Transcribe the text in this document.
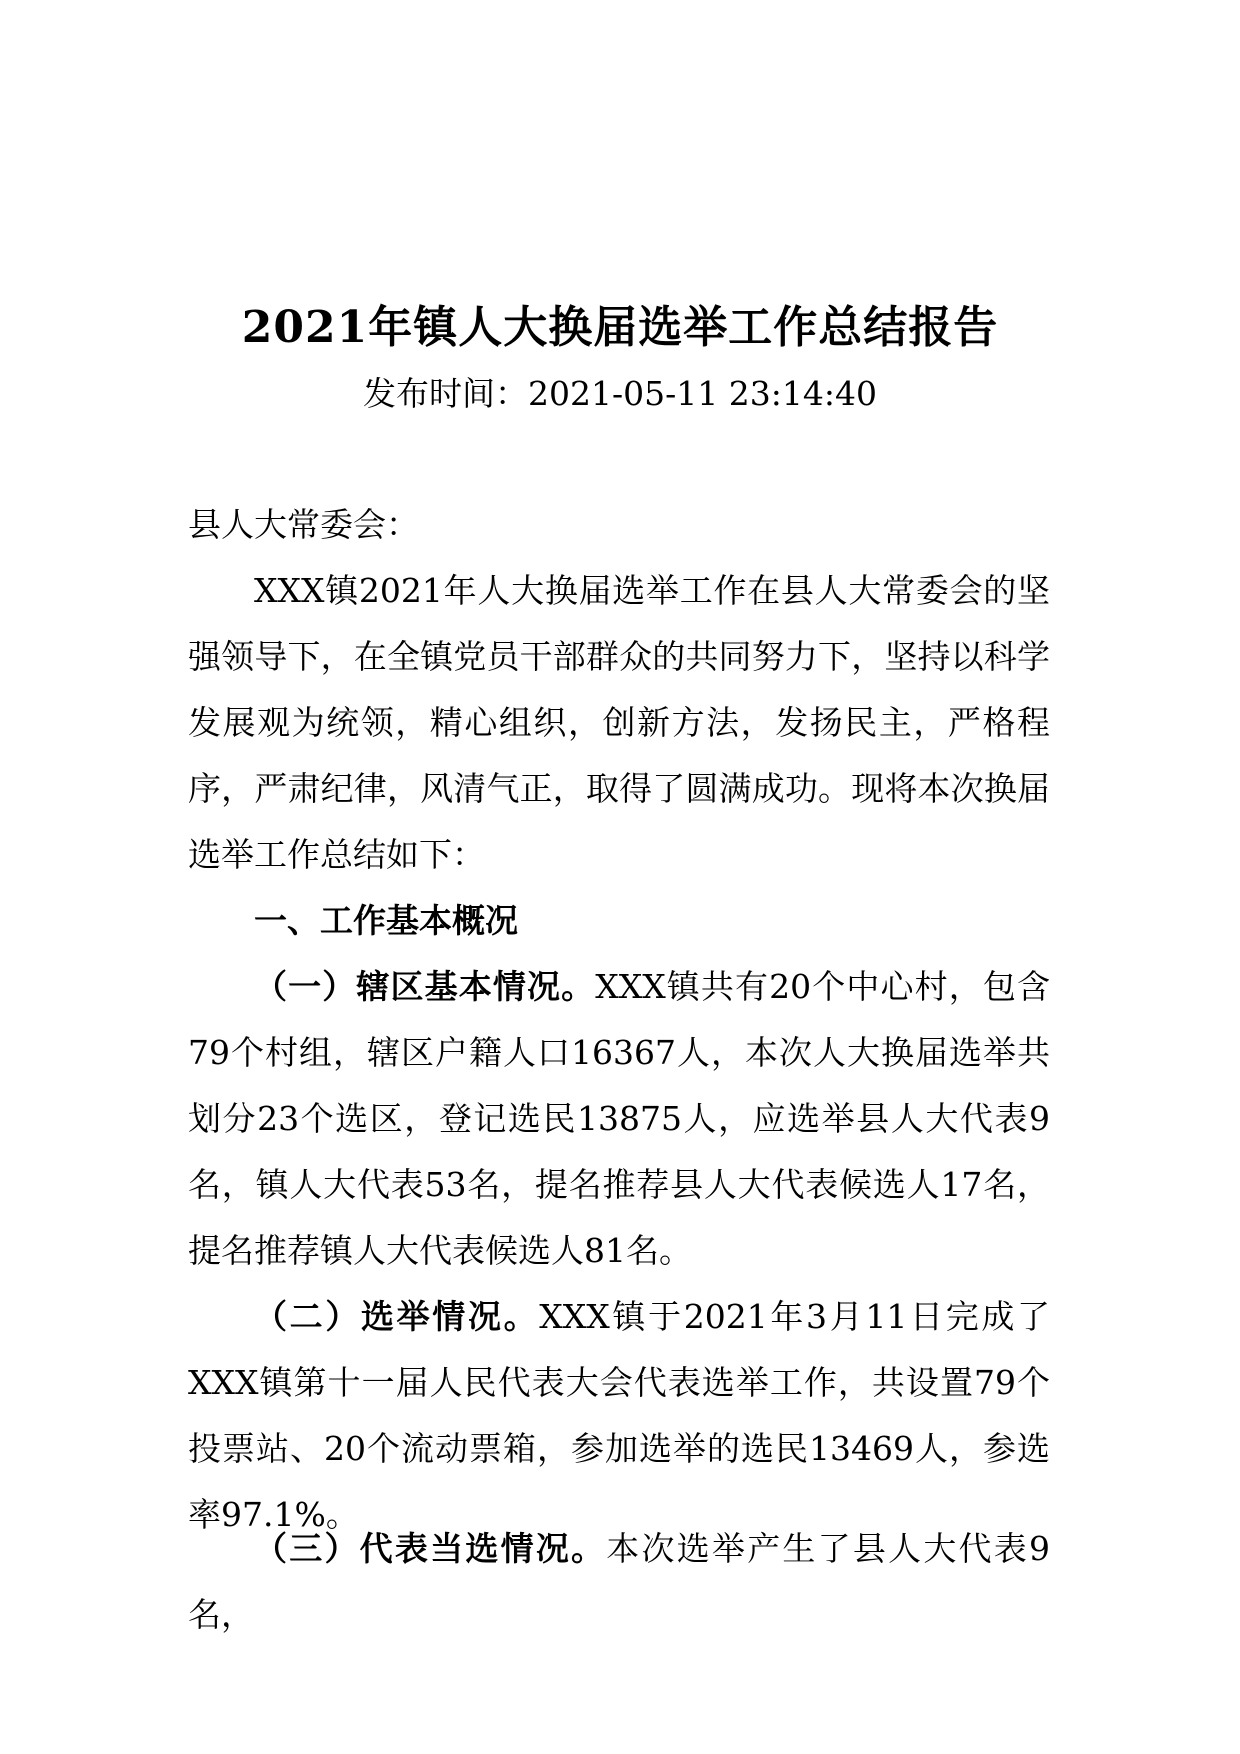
2021年镇人大换届选举工作总结报告
发布时间：2021-05-11 23:14:40
县人大常委会：
XXX镇2021年人大换届选举工作在县人大常委会的坚强领导下，在全镇党员干部群众的共同努力下，坚持以科学发展观为统领，精心组织，创新方法，发扬民主，严格程序，严肃纪律，风清气正，取得了圆满成功。现将本次换届选举工作总结如下：
一、工作基本概况
（一）辖区基本情况。XXX镇共有20个中心村，包含79个村组，辖区户籍人口16367人，本次人大换届选举共划分23个选区，登记选民13875人，应选举县人大代表9名，镇人大代表53名，提名推荐县人大代表候选人17名，提名推荐镇人大代表候选人81名。
（二）选举情况。XXX镇于2021年3月11日完成了XXX镇第十一届人民代表大会代表选举工作，共设置79个投票站、20个流动票箱，参加选举的选民13469人，参选率97.1%。
（三）代表当选情况。本次选举产生了县人大代表9名，
